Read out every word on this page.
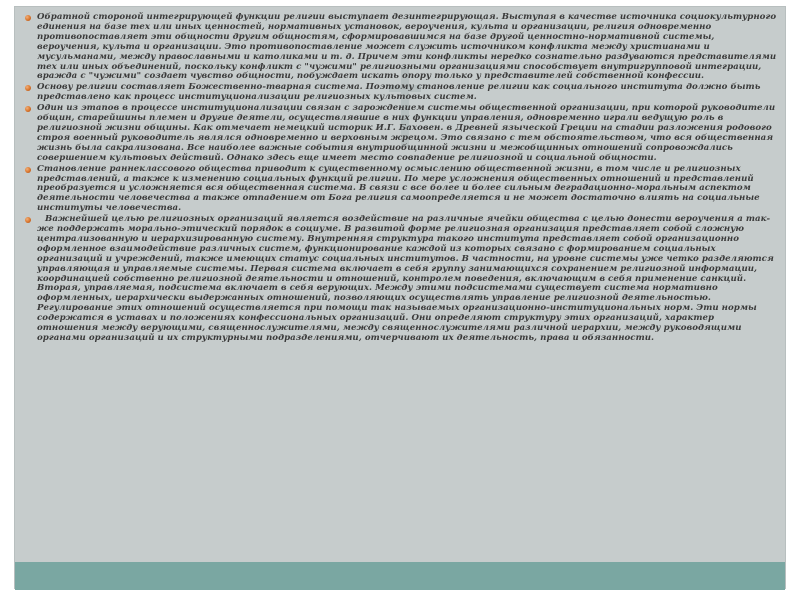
Обратной стороной интегрирующей функции религии выступает дезинтегрирующая. Выступая в качестве источника социокультурного единения на базе тех или иных ценностей, нормативных установок, вероучения, культа и организации, религия одновременно противопоставляет эти общности другим общностям, сформировавшимся на базе другой ценностно-нормативной системы, вероучения, культа и организации. Это противопоставление может служить источником конфликта между христианами и мусульманами, между православными и католиками и т. д. Причем эти конфликты нередко сознательно раздуваются представителями тех или иных объединений, поскольку конфликт с "чужими" религиозными организациями способствует внутригрупповой интеграции, вражда с "чужими" создает чувство общности, побуждает искать опору только у представителей собственной конфессии.
Основу религии составляет Божественно-тварная система. Поэтому становление религии как социального института должно быть представлено как процесс институционализации религиозных культовых систем.
Один из этапов в процессе институционализации связан с зарождением системы общественной организации, при которой руководители общин, старейшины племен и другие деятели, осуществлявшие в них функции управления, одновременно играли ведущую роль в религиозной жизни общины. Как отмечает немецкий историк И.Г. Баховен. в Древней языческой Греции на стадии разложения родового строя военный руководитель являлся одновременно и верховным жрецом. Это связано с тем обстоятельством, что вся общественная жизнь была сакрализована. Все наиболее важные события внутриобщинной жизни и межобщинных отношений сопровождались совершением культовых действий. Однако здесь еще имеет место совпадение религиозной и социальной общности.
Становление раннеклассового общества приводит к существенному осмыслению общественной жизни, в том числе и религиозных представлений, а также к изменению социальных функций религии. По мере усложнения общественных отношений и представлений преобразуется и усложняется вся общественная система. В связи с все более и более сильным деградационно-моральным аспектом деятельности человечества а также отпадением от Бога религия самоопределяется и не может достаточно влиять на социальные институты человечества.
Важнейшей целью религиозных организаций является воздействие на различные ячейки общества с целью донести вероучения а так-же поддержать морально-этический порядок в социуме. В развитой форме религиозная организация представляет собой сложную централизованную и иерархизированную систему. Внутренняя структура такого института представляет собой организационно оформленное взаимодействие различных систем, функционирование каждой из которых связано с формированием социальных организаций и учреждений, также имеющих статус социальных институтов. В частности, на уровне системы уже четко разделяются управляющая и управляемые системы. Первая система включает в себя группу занимающихся сохранением религиозной информации, координацией собственно религиозной деятельности и отношений, контролем поведения, включающим в себя применение санкций. Вторая, управляемая, подсистема включает в себя верующих. Между этими подсистемами существует система нормативно оформленных, иерархически выдержанных отношений, позволяющих осуществлять управление религиозной деятельностью. Регулирование этих отношений осуществляется при помощи так называемых организационно-институциональных норм. Эти нормы содержатся в уставах и положениях конфессиональных организаций. Они определяют структуру этих организаций, характер отношения между верующими, священнослужителями, между священнослужителями различной иерархии, между руководящими органами организаций и их структурными подразделениями, отчерчивают их деятельность, права и обязанности.
